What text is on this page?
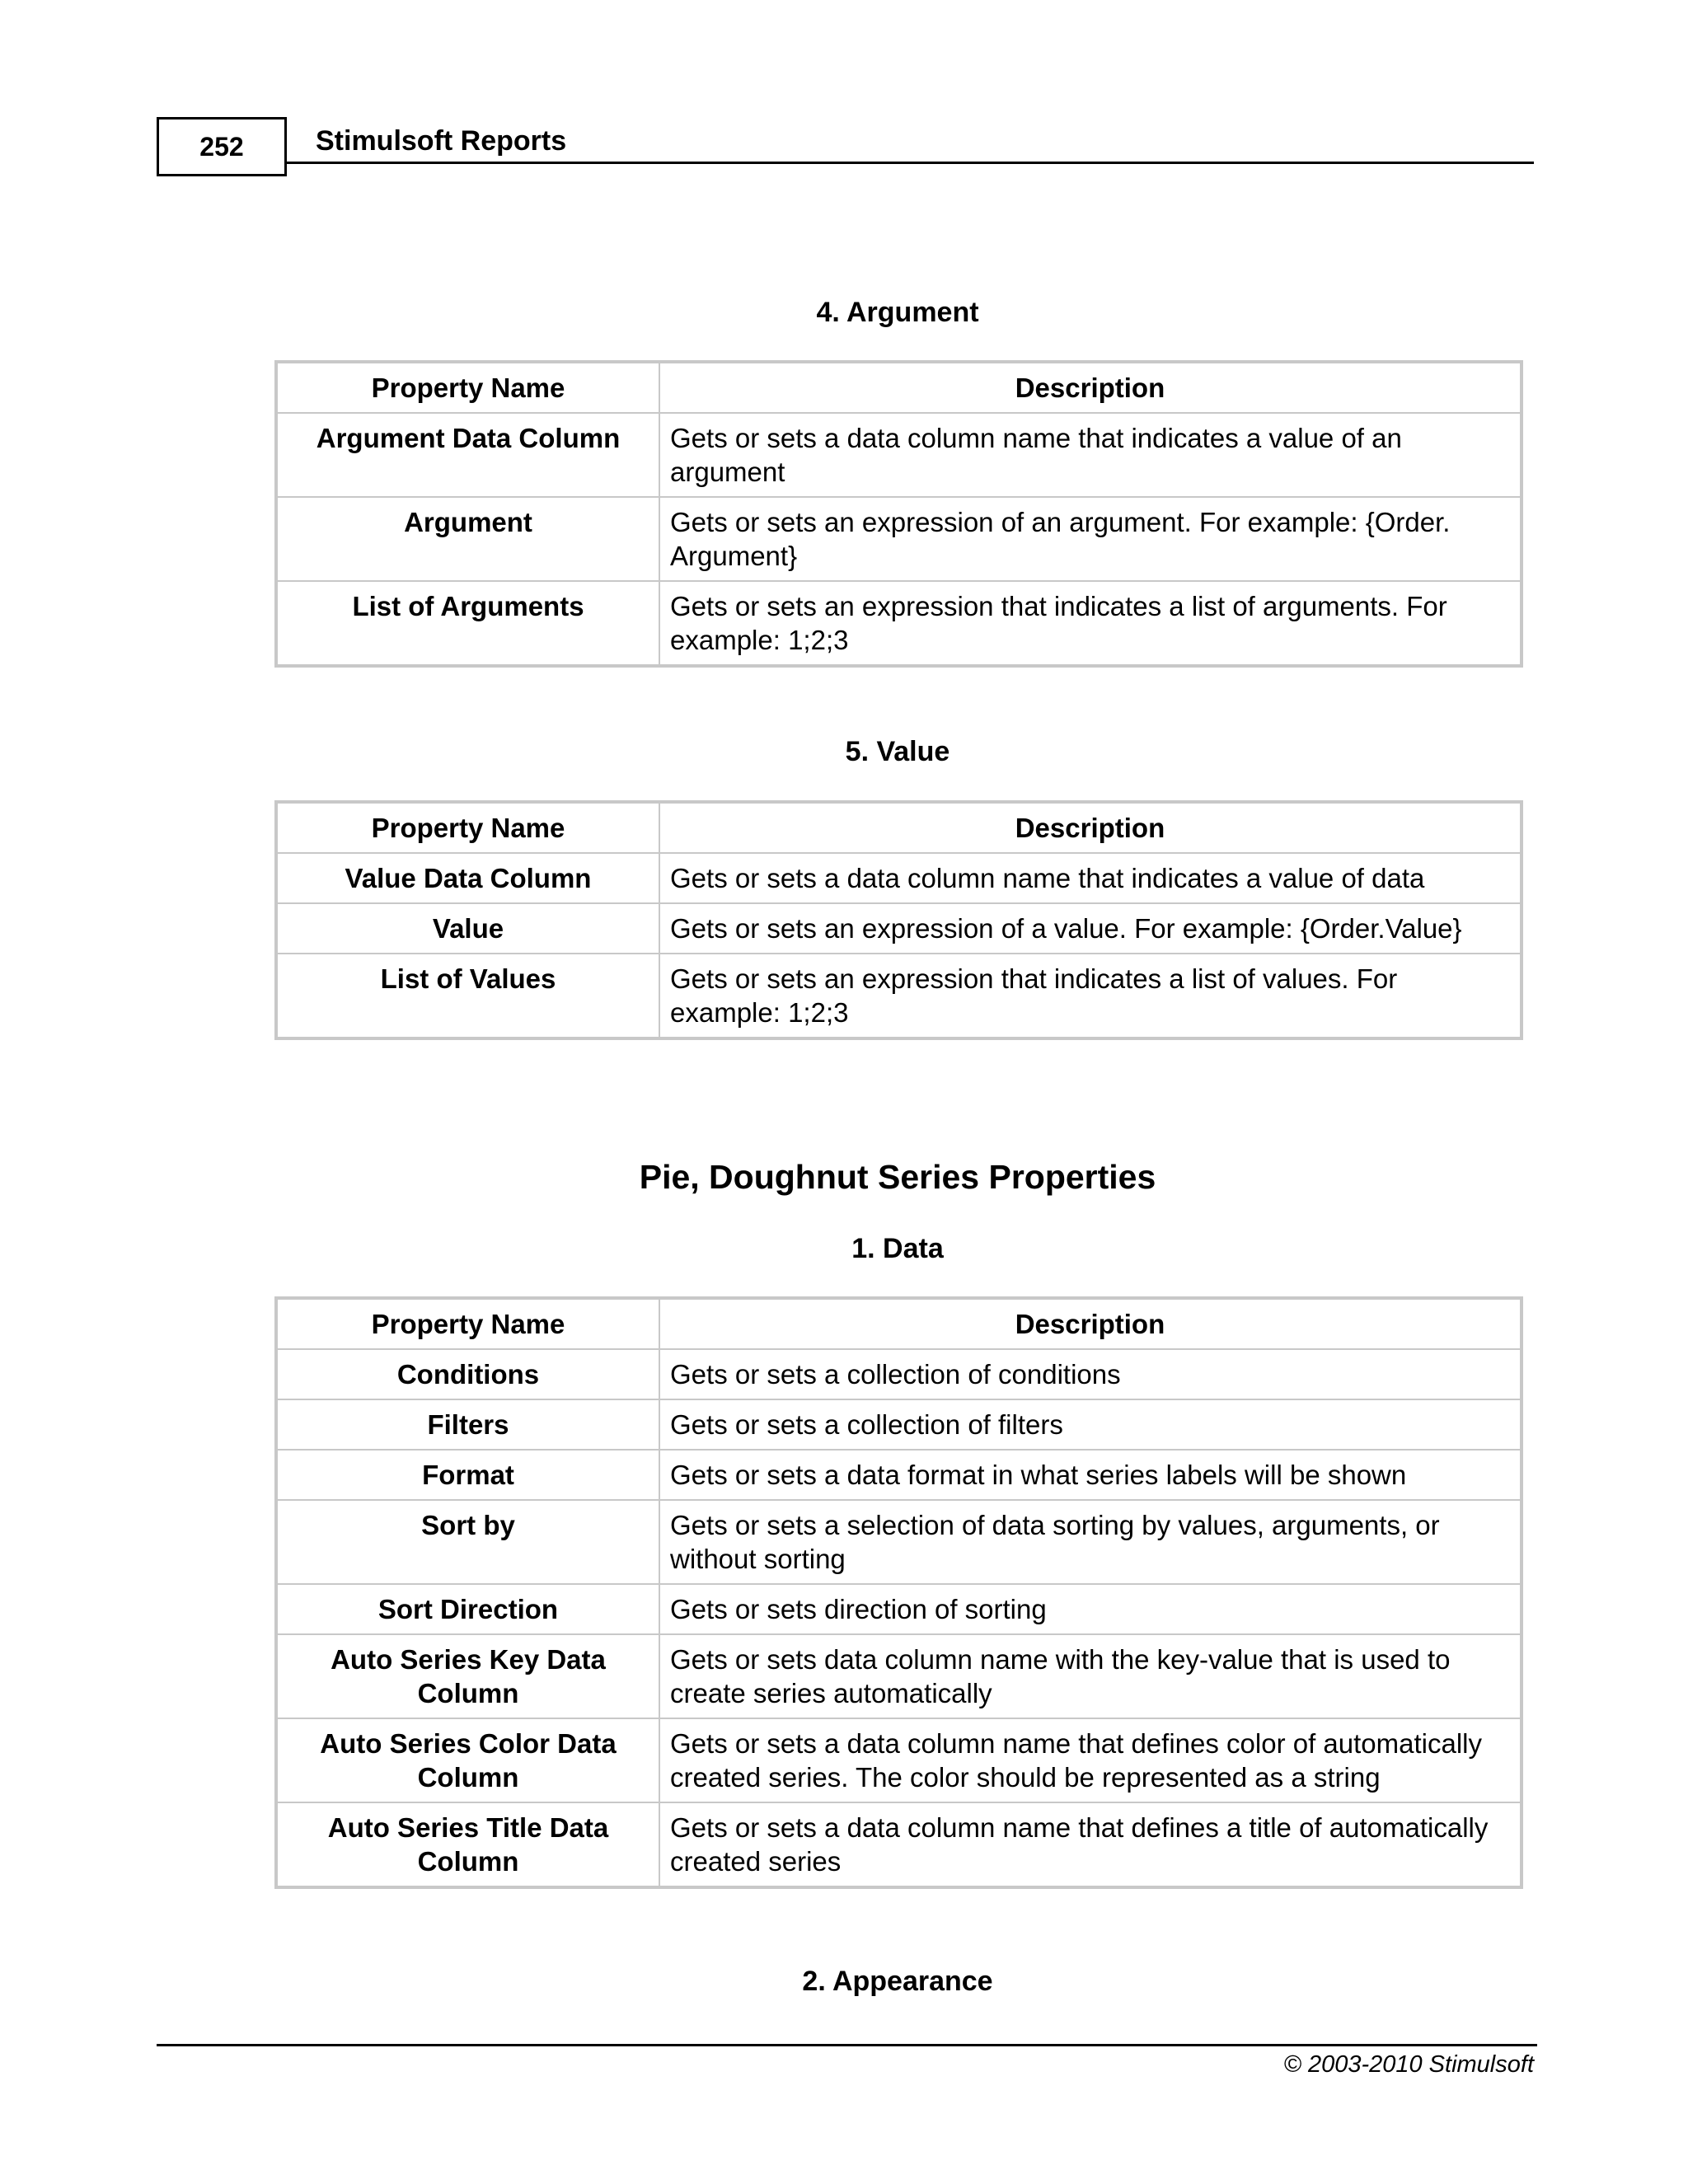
252	Stimulsoft Reports
4. Argument
Property Name	Description
Argument Data Column	Gets or sets a data column name that indicates a value of an argument
Argument	Gets or sets an expression of an argument. For example: {Order. Argument}
List of Arguments	Gets or sets an expression that indicates a list of arguments. For example: 1;2;3
5. Value
Property Name	Description
Value Data Column	Gets or sets a data column name that indicates a value of data
Value	Gets or sets an expression of a value. For example: {Order.Value}
List of Values	Gets or sets an expression that indicates a list of values. For example: 1;2;3
Pie, Doughnut Series Properties
1. Data
Property Name	Description
Conditions	Gets or sets a collection of conditions
Filters	Gets or sets a collection of filters
Format	Gets or sets a data format in what series labels will be shown
Sort by	Gets or sets a selection of data sorting by values, arguments, or without sorting
Sort Direction	Gets or sets direction of sorting
Auto Series Key Data Column	Gets or sets data column name with the key-value that is used to create series automatically
Auto Series Color Data Column	Gets or sets a data column name that defines color of automatically created series. The color should be represented as a string
Auto Series Title Data Column	Gets or sets a data column name that defines a title of automatically created series
2. Appearance
© 2003-2010 Stimulsoft
